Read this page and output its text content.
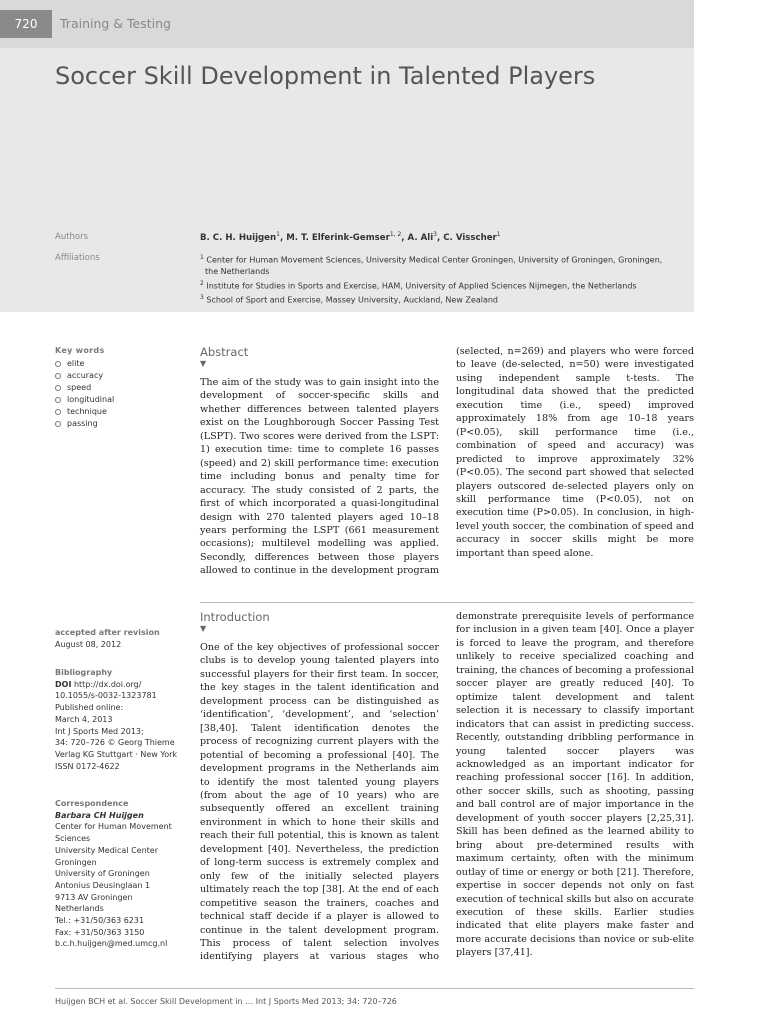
720	Training & Testing
Soccer Skill Development in Talented Players
Authors	B. C. H. Huijgen$^1$, M. T. Elferink-Gemser$^{1, 2}$, A. Ali$^3$, C. Visscher$^1$
Affiliations	$^1$ Center for Human Movement Sciences, University Medical Center Groningen, University of Groningen, Groningen,
the Netherlands
$^2$ Institute for Studies in Sports and Exercise, HAM, University of Applied Sciences Nijmegen, the Netherlands
$^3$ School of Sport and Exercise, Massey University, Auckland, New Zealand
Key words
elite
accuracy
speed
longitudinal
technique
passing
Abstract
▼

The aim of the study was to gain insight into the development of soccer-specific skills and whether differences between talented players exist on the Loughborough Soccer Passing Test (LSPT). Two scores were derived from the LSPT: 1) execution time: time to complete 16 passes (speed) and 2) skill performance time: execution time including bonus and penalty time for accuracy. The study consisted of 2 parts, the first of which incorporated a quasi-longitudinal design with 270 talented players aged 10–18 years performing the LSPT (661 measurement occasions); multilevel modelling was applied. Secondly, differences between those players allowed to continue in the development program

(selected, n=269) and players who were forced to leave (de-selected, n=50) were investigated using independent sample t-tests. The longitudinal data showed that the predicted execution time (i.e., speed) improved approximately 18% from age 10–18 years (P<0.05), skill performance time (i.e., combination of speed and accuracy) was predicted to improve approximately 32% (P<0.05). The second part showed that selected players outscored de-selected players only on skill performance time (P<0.05), not on execution time (P>0.05). In conclusion, in high-level youth soccer, the combination of speed and accuracy in soccer skills might be more important than speed alone.

accepted after revision
August 08, 2012
Bibliography
DOI http://dx.doi.org/
10.1055/s-0032-1323781
Published online:
March 4, 2013
Int J Sports Med 2013;
34: 720–726 © Georg Thieme
Verlag KG Stuttgart · New York
ISSN 0172-4622
Correspondence
Barbara CH Huijgen
Center for Human Movement
Sciences
University Medical Center
Groningen
University of Groningen
Antonius Deusinglaan 1
9713 AV Groningen
Netherlands
Tel.: +31/50/363 6231
Fax: +31/50/363 3150
b.c.h.huijgen@med.umcg.nl
Introduction
▼

One of the key objectives of professional soccer clubs is to develop young talented players into successful players for their first team. In soccer, the key stages in the talent identification and development process can be distinguished as ‘identification’, ‘development’, and ‘selection’ [38,40]. Talent identification denotes the process of recognizing current players with the potential of becoming a professional [40]. The development programs in the Netherlands aim to identify the most talented young players (from about the age of 10 years) who are subsequently offered an excellent training environment in which to hone their skills and reach their full potential, this is known as talent development [40]. Nevertheless, the prediction of long-term success is extremely complex and only few of the initially selected players ultimately reach the top [38]. At the end of each competitive season the trainers, coaches and technical staff decide if a player is allowed to continue in the talent development program. This process of talent selection involves identifying players at various stages who

demonstrate prerequisite levels of performance for inclusion in a given team [40]. Once a player is forced to leave the program, and therefore unlikely to receive specialized coaching and training, the chances of becoming a professional soccer player are greatly reduced [40]. To optimize talent development and talent selection it is necessary to classify important indicators that can assist in predicting success.
Recently, outstanding dribbling performance in young talented soccer players was acknowledged as an important indicator for reaching professional soccer [16]. In addition, other soccer skills, such as shooting, passing and ball control are of major importance in the development of youth soccer players [2,25,31]. Skill has been defined as the learned ability to bring about pre-determined results with maximum certainty, often with the minimum outlay of time or energy or both [21]. Therefore, expertise in soccer depends not only on fast execution of technical skills but also on accurate execution of these skills. Earlier studies indicated that elite players make faster and more accurate decisions than novice or sub-elite players [37,41].

Huijgen BCH et al. Soccer Skill Development in … Int J Sports Med 2013; 34: 720–726
